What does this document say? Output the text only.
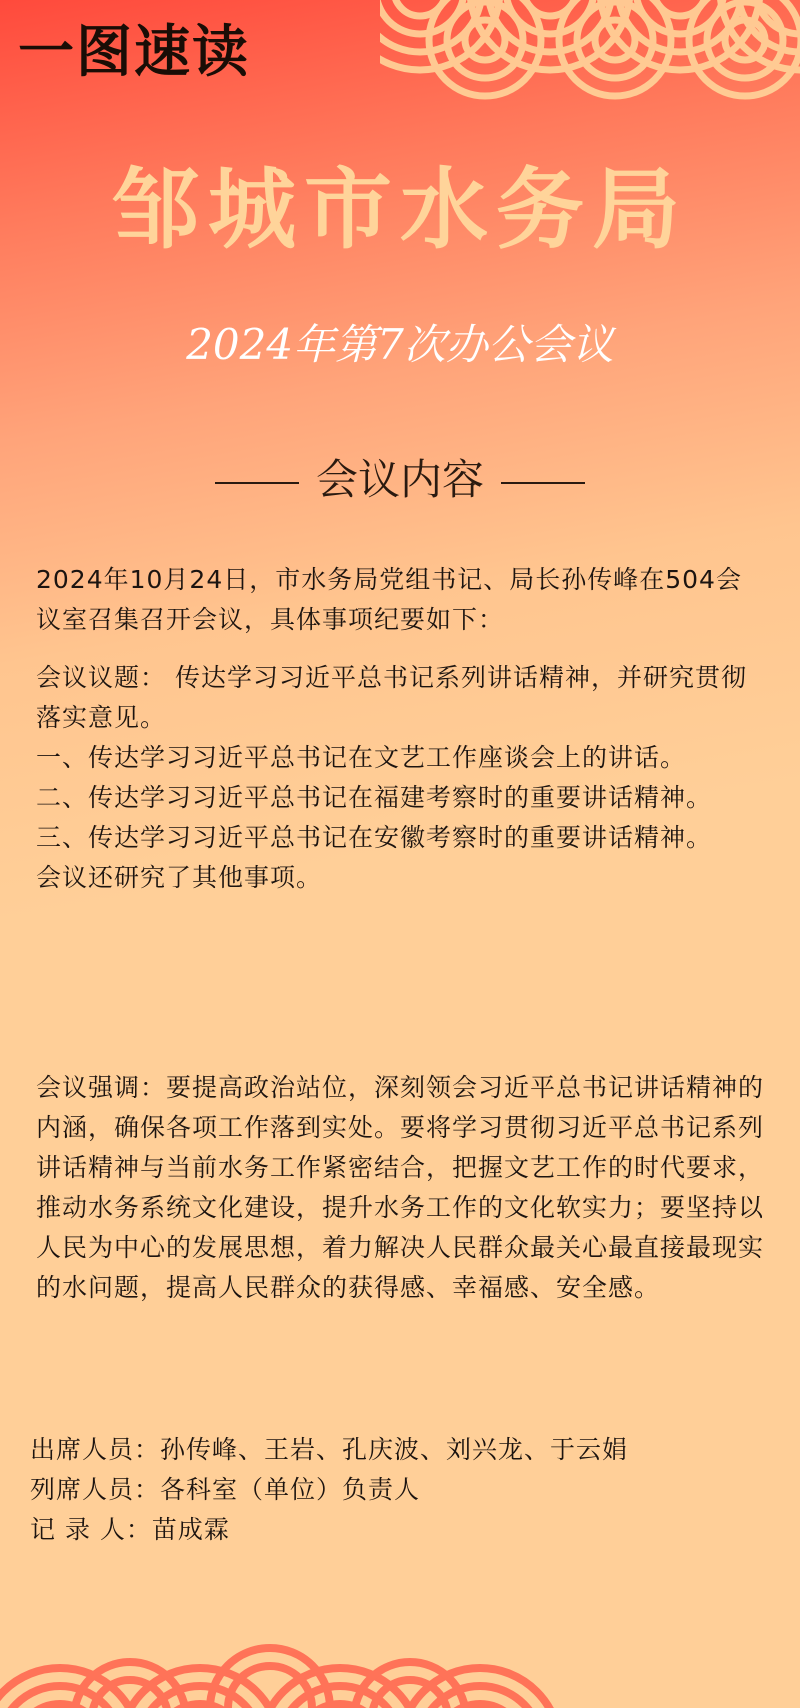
一图速读
邹城市水务局
2024年第7次办公会议
会议内容
2024年10月24日，市水务局党组书记、局长孙传峰在504会议室召集召开会议，具体事项纪要如下：

会议议题： 传达学习习近平总书记系列讲话精神，并研究贯彻落实意见。

一、传达学习习近平总书记在文艺工作座谈会上的讲话。

二、传达学习习近平总书记在福建考察时的重要讲话精神。

三、传达学习习近平总书记在安徽考察时的重要讲话精神。

会议还研究了其他事项。

会议强调：要提高政治站位，深刻领会习近平总书记讲话精神的内涵，确保各项工作落到实处。要将学习贯彻习近平总书记系列讲话精神与当前水务工作紧密结合，把握文艺工作的时代要求，推动水务系统文化建设，提升水务工作的文化软实力；要坚持以人民为中心的发展思想，着力解决人民群众最关心最直接最现实的水问题，提高人民群众的获得感、幸福感、安全感。

出席人员：孙传峰、王岩、孔庆波、刘兴龙、于云娟

列席人员：各科室（单位）负责人

记 录 人：苗成霖
